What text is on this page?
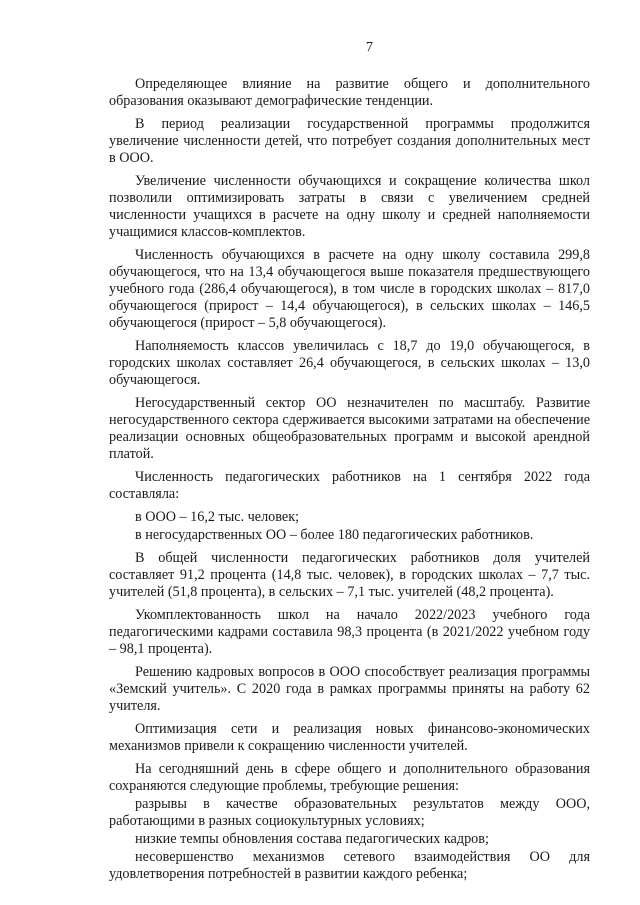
7

Определяющее влияние на развитие общего и дополнительного образования оказывают демографические тенденции.

В период реализации государственной программы продолжится увеличение численности детей, что потребует создания дополнительных мест в ООО.

Увеличение численности обучающихся и сокращение количества школ позволили оптимизировать затраты в связи с увеличением средней численности учащихся в расчете на одну школу и средней наполняемости учащимися классов-комплектов.

Численность обучающихся в расчете на одну школу составила 299,8 обучающегося, что на 13,4 обучающегося выше показателя предшествующего учебного года (286,4 обучающегося), в том числе в городских школах – 817,0 обучающегося (прирост – 14,4 обучающегося), в сельских школах – 146,5 обучающегося (прирост – 5,8 обучающегося).

Наполняемость классов увеличилась с 18,7 до 19,0 обучающегося, в городских школах составляет 26,4 обучающегося, в сельских школах – 13,0 обучающегося.

Негосударственный сектор ОО незначителен по масштабу. Развитие негосударственного сектора сдерживается высокими затратами на обеспечение реализации основных общеобразовательных программ и высокой арендной платой.

Численность педагогических работников на 1 сентября 2022 года составляла:

в ООО – 16,2 тыс. человек;

в негосударственных ОО – более 180 педагогических работников.

В общей численности педагогических работников доля учителей составляет 91,2 процента (14,8 тыс. человек), в городских школах – 7,7 тыс. учителей (51,8 процента), в сельских – 7,1 тыс. учителей (48,2 процента).

Укомплектованность школ на начало 2022/2023 учебного года педагогическими кадрами составила 98,3 процента (в 2021/2022 учебном году – 98,1 процента).

Решению кадровых вопросов в ООО способствует реализация программы «Земский учитель». С 2020 года в рамках программы приняты на работу 62 учителя.

Оптимизация сети и реализация новых финансово-экономических механизмов привели к сокращению численности учителей.

На сегодняшний день в сфере общего и дополнительного образования сохраняются следующие проблемы, требующие решения:

разрывы в качестве образовательных результатов между ООО, работающими в разных социокультурных условиях;

низкие темпы обновления состава педагогических кадров;

несовершенство механизмов сетевого взаимодействия ОО для удовлетворения потребностей в развитии каждого ребенка;
